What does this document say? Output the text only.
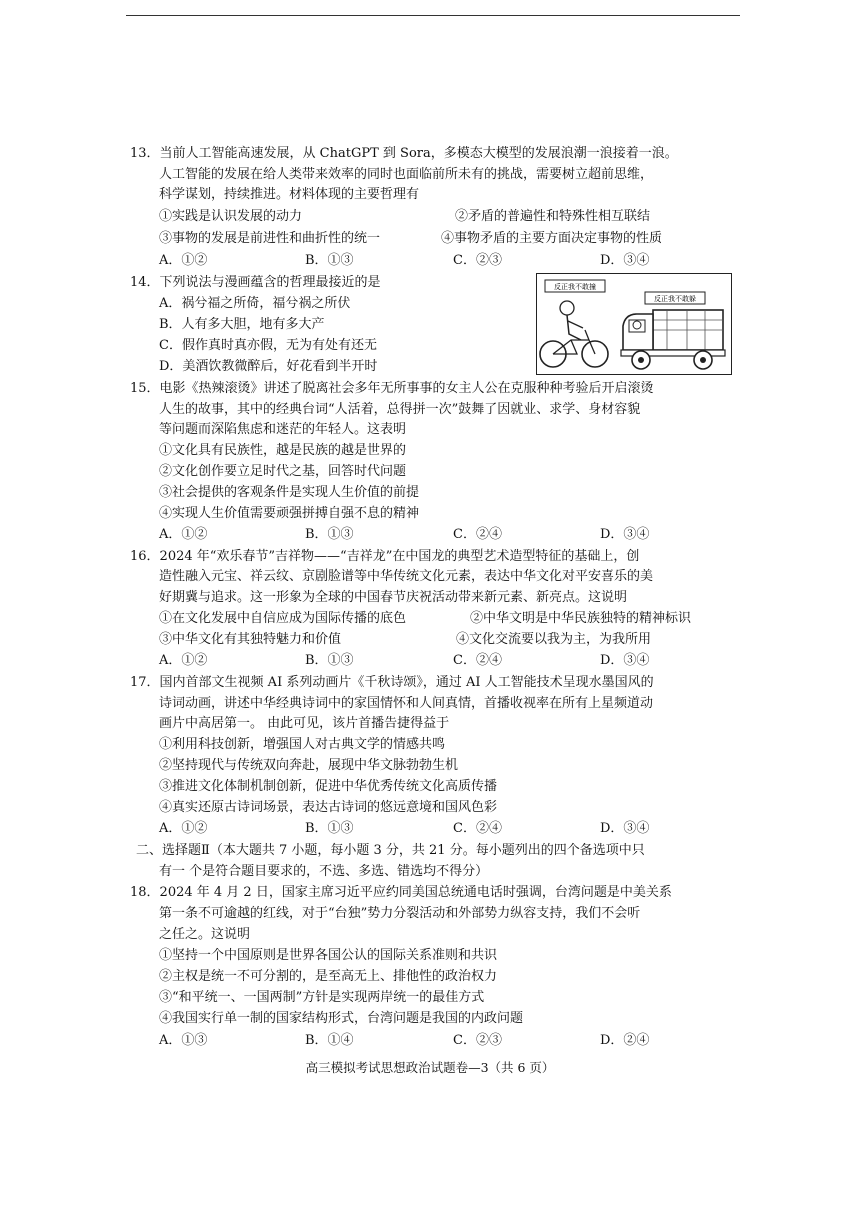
13．当前人工智能高速发展，从 ChatGPT 到 Sora，多模态大模型的发展浪潮一浪接着一浪。
人工智能的发展在给人类带来效率的同时也面临前所未有的挑战，需要树立超前思维，
科学谋划，持续推进。材料体现的主要哲理有
①实践是认识发展的动力	②矛盾的普遍性和特殊性相互联结
③事物的发展是前进性和曲折性的统一	④事物矛盾的主要方面决定事物的性质
A．①②	B．①③	C．②③	D．③④
14．下列说法与漫画蕴含的哲理最接近的是
A．祸兮福之所倚，福兮祸之所伏
B．人有多大胆，地有多大产
C．假作真时真亦假，无为有处有还无
D．美酒饮教微醉后，好花看到半开时
反正我不敢撞
反正我不敢躲
15．电影《热辣滚烫》讲述了脱离社会多年无所事事的女主人公在克服种种考验后开启滚烫
人生的故事，其中的经典台词“人活着，总得拼一次”鼓舞了因就业、求学、身材容貌
等问题而深陷焦虑和迷茫的年轻人。这表明
①文化具有民族性，越是民族的越是世界的
②文化创作要立足时代之基，回答时代问题
③社会提供的客观条件是实现人生价值的前提
④实现人生价值需要顽强拼搏自强不息的精神
A．①②	B．①③	C．②④	D．③④
16．2024 年“欢乐春节”吉祥物——“吉祥龙”在中国龙的典型艺术造型特征的基础上，创
造性融入元宝、祥云纹、京剧脸谱等中华传统文化元素，表达中华文化对平安喜乐的美
好期冀与追求。这一形象为全球的中国春节庆祝活动带来新元素、新亮点。这说明
①在文化发展中自信应成为国际传播的底色	②中华文明是中华民族独特的精神标识
③中华文化有其独特魅力和价值	④文化交流要以我为主，为我所用
A．①②	B．①③	C．②④	D．③④
17．国内首部文生视频 AI 系列动画片《千秋诗颂》，通过 AI 人工智能技术呈现水墨国风的
诗词动画，讲述中华经典诗词中的家国情怀和人间真情，首播收视率在所有上星频道动
画片中高居第一。 由此可见，该片首播告捷得益于
①利用科技创新，增强国人对古典文学的情感共鸣
②坚持现代与传统双向奔赴，展现中华文脉勃勃生机
③推进文化体制机制创新，促进中华优秀传统文化高质传播
④真实还原古诗词场景，表达古诗词的悠远意境和国风色彩
A．①②	B．①③	C．②④	D．③④
二、选择题Ⅱ（本大题共 7 小题，每小题 3 分，共 21 分。每小题列出的四个备选项中只
有一 个是符合题目要求的，不选、多选、错选均不得分）
18．2024 年 4 月 2 日，国家主席习近平应约同美国总统通电话时强调，台湾问题是中美关系
第一条不可逾越的红线，对于“台独”势力分裂活动和外部势力纵容支持，我们不会听
之任之。这说明
①坚持一个中国原则是世界各国公认的国际关系准则和共识
②主权是统一不可分割的，是至高无上、排他性的政治权力
③“和平统一、一国两制”方针是实现两岸统一的最佳方式
④我国实行单一制的国家结构形式，台湾问题是我国的内政问题
A．①③	B．①④	C．②③	D．②④
高三模拟考试思想政治试题卷—3（共 6 页）
